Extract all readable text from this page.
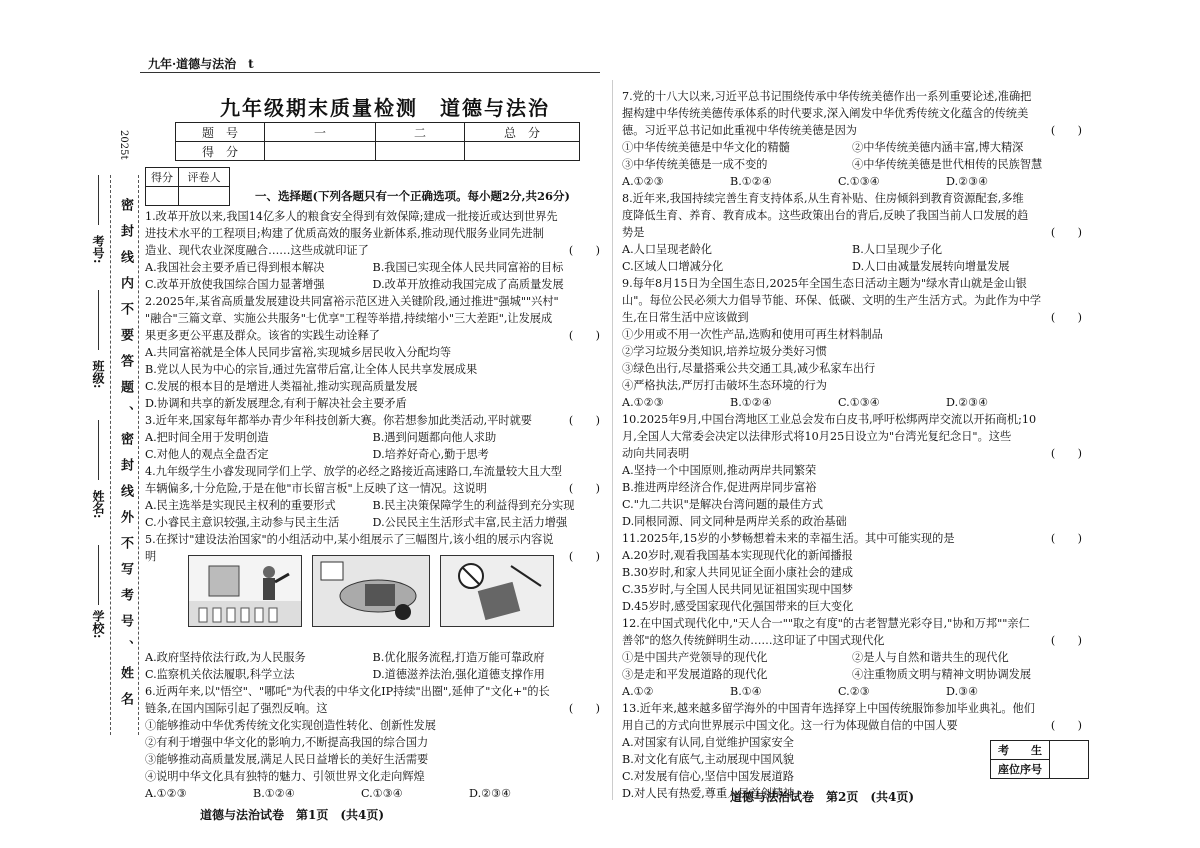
2025t
密封线内不要答题、密封线外不写考号、姓名
考号:
班级:
姓名:
学校:
九年·道德与法治　t
九年级期末质量检测　道德与法治
题　号	一	二	总　分
得　分			
得分	评卷人

一、选择题(下列各题只有一个正确选项。每小题2分,共26分)

1.改革开放以来,我国14亿多人的粮食安全得到有效保障;建成一批接近或达到世界先

进技术水平的工程项目;构建了优质高效的服务业新体系,推动现代服务业同先进制

造业、现代农业深度融合……这些成就印证了	(　　)

A.我国社会主要矛盾已得到根本解决	B.我国已实现全体人民共同富裕的目标
C.改革开放使我国综合国力显著增强	D.改革开放推动我国完成了高质量发展

2.2025年,某省高质量发展建设共同富裕示范区进入关键阶段,通过推进"强城""兴村"

"融合"三篇文章、实施公共服务"七优享"工程等举措,持续缩小"三大差距",让发展成

果更多更公平惠及群众。该省的实践生动诠释了	(　　)

A.共同富裕就是全体人民同步富裕,实现城乡居民收入分配均等

B.党以人民为中心的宗旨,通过先富带后富,让全体人民共享发展成果

C.发展的根本目的是增进人类福祉,推动实现高质量发展

D.协调和共享的新发展理念,有利于解决社会主要矛盾

3.近年来,国家每年都举办青少年科技创新大赛。你若想参加此类活动,平时就要	(　　)

A.把时间全用于发明创造	B.遇到问题都向他人求助
C.对他人的观点全盘否定	D.培养好奇心,勤于思考

4.九年级学生小睿发现同学们上学、放学的必经之路接近高速路口,车流量较大且大型

车辆偏多,十分危险,于是在他"市长留言板"上反映了这一情况。这说明	(　　)

A.民主选举是实现民主权利的重要形式	B.民主决策保障学生的利益得到充分实现
C.小睿民主意识较强,主动参与民主生活	D.公民民主生活形式丰富,民主活力增强

5.在探讨"建设法治国家"的小组活动中,某小组展示了三幅图片,该小组的展示内容说

明	(　　)

A.政府坚持依法行政,为人民服务	B.优化服务流程,打造万能可靠政府
C.监察机关依法履职,科学立法	D.道德滋养法治,强化道德支撑作用

6.近两年来,以"悟空"、"哪吒"为代表的中华文化IP持续"出圈",延伸了"文化+"的长

链条,在国内国际引起了强烈反响。这	(　　)

①能够推动中华优秀传统文化实现创造性转化、创新性发展

②有利于增强中华文化的影响力,不断提高我国的综合国力

③能够推动高质量发展,满足人民日益增长的美好生活需要

④说明中华文化具有独特的魅力、引领世界文化走向辉煌

A.①②③	B.①②④	C.①③④	D.②③④
道德与法治试卷　第1页　(共4页)

7.党的十八大以来,习近平总书记围绕传承中华传统美德作出一系列重要论述,准确把

握构建中华传统美德传承体系的时代要求,深入阐发中华优秀传统文化蕴含的传统美

德。习近平总书记如此重视中华传统美德是因为	(　　)

①中华传统美德是中华文化的精髓	②中华传统美德内涵丰富,博大精深
③中华传统美德是一成不变的	④中华传统美德是世代相传的民族智慧
A.①②③	B.①②④	C.①③④	D.②③④

8.近年来,我国持续完善生育支持体系,从生育补贴、住房倾斜到教育资源配套,多维

度降低生育、养育、教育成本。这些政策出台的背后,反映了我国当前人口发展的趋

势是	(　　)

A.人口呈现老龄化	B.人口呈现少子化
C.区域人口增减分化	D.人口由减量发展转向增量发展

9.每年8月15日为全国生态日,2025年全国生态日活动主题为"绿水青山就是金山银

山"。每位公民必须大力倡导节能、环保、低碳、文明的生产生活方式。为此作为中学

生,在日常生活中应该做到	(　　)

①少用或不用一次性产品,选购和使用可再生材料制品

②学习垃圾分类知识,培养垃圾分类好习惯

③绿色出行,尽量搭乘公共交通工具,减少私家车出行

④严格执法,严厉打击破坏生态环境的行为

A.①②③	B.①②④	C.①③④	D.②③④

10.2025年9月,中国台湾地区工业总会发布白皮书,呼吁松绑两岸交流以开拓商机;10

月,全国人大常委会决定以法律形式将10月25日设立为"台湾光复纪念日"。这些

动向共同表明	(　　)

A.坚持一个中国原则,推动两岸共同繁荣

B.推进两岸经济合作,促进两岸同步富裕

C."九二共识"是解决台湾问题的最佳方式

D.同根同源、同文同种是两岸关系的政治基础

11.2025年,15岁的小梦畅想着未来的幸福生活。其中可能实现的是	(　　)

A.20岁时,观看我国基本实现现代化的新闻播报

B.30岁时,和家人共同见证全面小康社会的建成

C.35岁时,与全国人民共同见证祖国实现中国梦

D.45岁时,感受国家现代化强国带来的巨大变化

12.在中国式现代化中,"天人合一""取之有度"的古老智慧光彩夺目,"协和万邦""亲仁

善邻"的悠久传统鲜明生动……这印证了中国式现代化	(　　)

①是中国共产党领导的现代化	②是人与自然和谐共生的现代化
③是走和平发展道路的现代化	④注重物质文明与精神文明协调发展
A.①②	B.①④	C.②③	D.③④

13.近年来,越来越多留学海外的中国青年选择穿上中国传统服饰参加毕业典礼。他们

用自己的方式向世界展示中国文化。这一行为体现做自信的中国人要	(　　)

A.对国家有认同,自觉维护国家安全

B.对文化有底气,主动展现中国风貌

C.对发展有信心,坚信中国发展道路

D.对人民有热爱,尊重人民首创精神

考　　生	
座位序号
道德与法治试卷　第2页　(共4页)
